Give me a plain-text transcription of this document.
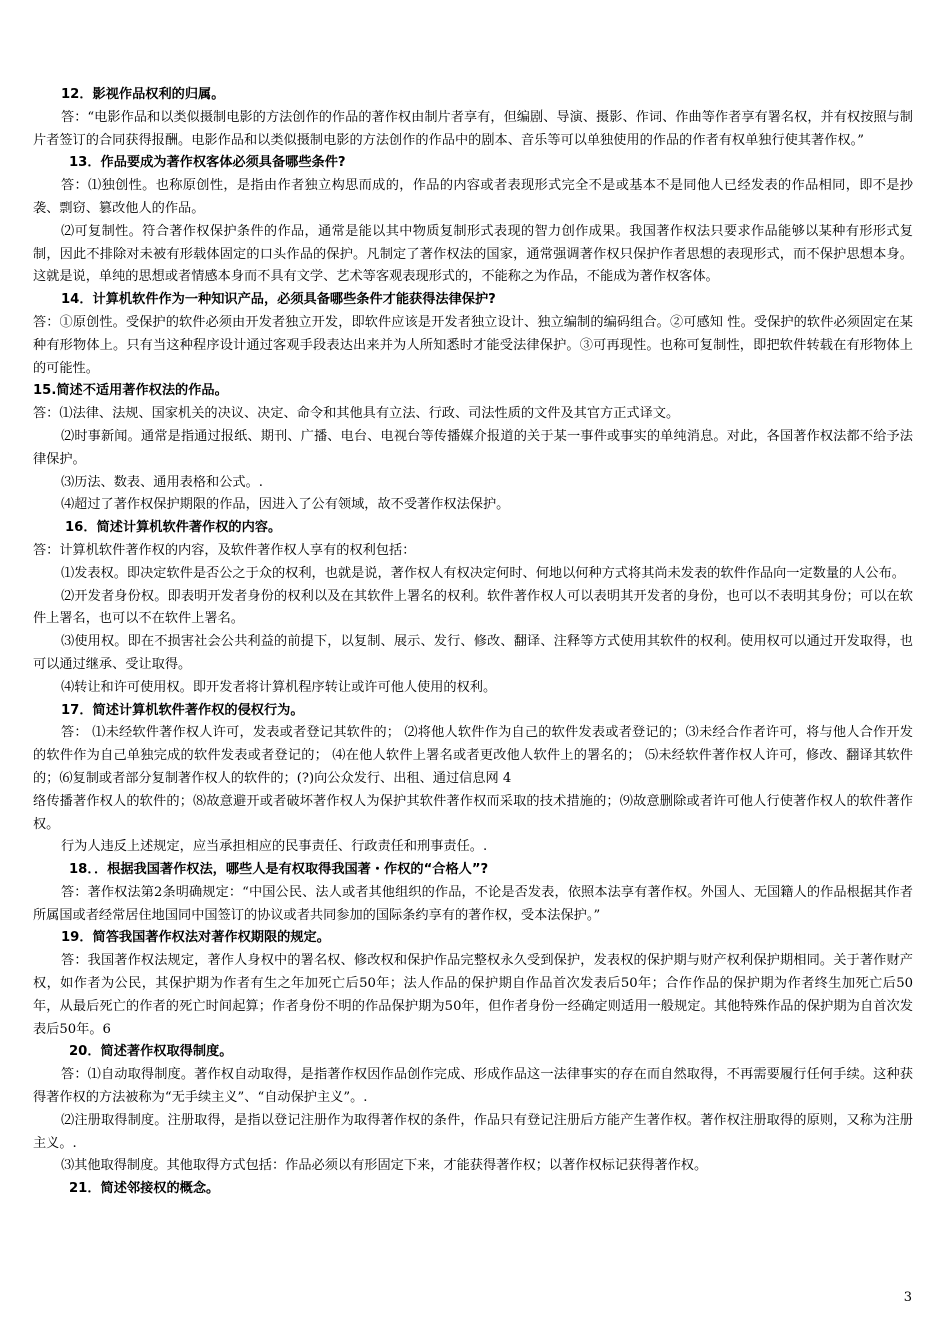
12．影视作品权利的归属。

答：“电影作品和以类似摄制电影的方法创作的作品的著作权由制片者享有，但编剧、导演、摄影、作词、作曲等作者享有署名权，并有权按照与制片者签订的合同获得报酬。电影作品和以类似摄制电影的方法创作的作品中的剧本、音乐等可以单独使用的作品的作者有权单独行使其著作权。”

13．作品要成为著作权客体必须具备哪些条件?

答：⑴独创性。也称原创性，是指由作者独立构思而成的，作品的内容或者表现形式完全不是或基本不是同他人已经发表的作品相同，即不是抄袭、剽窃、篡改他人的作品。

⑵可复制性。符合著作权保护条件的作品，通常是能以其中物质复制形式表现的智力创作成果。我国著作权法只要求作品能够以某种有形形式复制，因此不排除对未被有形载体固定的口头作品的保护。凡制定了著作权法的国家，通常强调著作权只保护作者思想的表现形式，而不保护思想本身。这就是说，单纯的思想或者情感本身而不具有文学、艺术等客观表现形式的，不能称之为作品，不能成为著作权客体。

14．计算机软件作为一种知识产品，必须具备哪些条件才能获得法律保护?

答：①原创性。受保护的软件必须由开发者独立开发，即软件应该是开发者独立设计、独立编制的编码组合。②可感知 性。受保护的软件必须固定在某种有形物体上。只有当这种程序设计通过客观手段表达出来并为人所知悉时才能受法律保护。③可再现性。也称可复制性，即把软件转载在有形物体上的可能性。

15.简述不适用著作权法的作品。

答：⑴法律、法规、国家机关的决议、决定、命令和其他具有立法、行政、司法性质的文件及其官方正式译文。

⑵时事新闻。通常是指通过报纸、期刊、广播、电台、电视台等传播媒介报道的关于某一事件或事实的单纯消息。对此，各国著作权法都不给予法律保护。

⑶历法、数表、通用表格和公式。.

⑷超过了著作权保护期限的作品，因进入了公有领域，故不受著作权法保护。

16．简述计算机软件著作权的内容。

答：计算机软件著作权的内容，及软件著作权人享有的权利包括：

⑴发表权。即决定软件是否公之于众的权利，也就是说，著作权人有权决定何时、何地以何种方式将其尚未发表的软件作品向一定数量的人公布。

⑵开发者身份权。即表明开发者身份的权利以及在其软件上署名的权利。软件著作权人可以表明其开发者的身份，也可以不表明其身份；可以在软件上署名，也可以不在软件上署名。

⑶使用权。即在不损害社会公共利益的前提下，以复制、展示、发行、修改、翻译、注释等方式使用其软件的权利。使用权可以通过开发取得，也可以通过继承、受让取得。

⑷转让和许可使用权。即开发者将计算机程序转让或许可他人使用的权利。

17．简述计算机软件著作权的侵权行为。

答： ⑴未经软件著作权人许可，发表或者登记其软件的； ⑵将他人软件作为自己的软件发表或者登记的；⑶未经合作者许可，将与他人合作开发的软件作为自己单独完成的软件发表或者登记的； ⑷在他人软件上署名或者更改他人软件上的署名的； ⑸未经软件著作权人许可，修改、翻译其软件的；⑹复制或者部分复制著作权人的软件的；(?)向公众发行、出租、通过信息网 4

络传播著作权人的软件的；⑻故意避开或者破坏著作权人为保护其软件著作权而采取的技术措施的；⑼故意删除或者许可他人行使著作权人的软件著作权。

行为人违反上述规定，应当承担相应的民事责任、行政责任和刑事责任。.

18．．根据我国著作权法，哪些人是有权取得我国著・作权的“合格人”?

答：著作权法第2条明确规定：“中国公民、法人或者其他组织的作品，不论是否发表，依照本法享有著作权。外国人、无国籍人的作品根据其作者所属国或者经常居住地国同中国签订的协议或者共同参加的国际条约享有的著作权，受本法保护。”

19．简答我国著作权法对著作权期限的规定。

答：我国著作权法规定，著作人身权中的署名权、修改权和保护作品完整权永久受到保护，发表权的保护期与财产权利保护期相同。关于著作财产权，如作者为公民，其保护期为作者有生之年加死亡后50年；法人作品的保护期自作品首次发表后50年；合作作品的保护期为作者终生加死亡后50年，从最后死亡的作者的死亡时间起算；作者身份不明的作品保护期为50年，但作者身份一经确定则适用一般规定。其他特殊作品的保护期为自首次发表后50年。6

20．简述著作权取得制度。

答：⑴自动取得制度。著作权自动取得，是指著作权因作品创作完成、形成作品这一法律事实的存在而自然取得，不再需要履行任何手续。这种获得著作权的方法被称为“无手续主义”、“自动保护主义”。.

⑵注册取得制度。注册取得，是指以登记注册作为取得著作权的条件，作品只有登记注册后方能产生著作权。著作权注册取得的原则，又称为注册主义。.

⑶其他取得制度。其他取得方式包括：作品必须以有形固定下来，才能获得著作权；以著作权标记获得著作权。

21．简述邻接权的概念。

3
